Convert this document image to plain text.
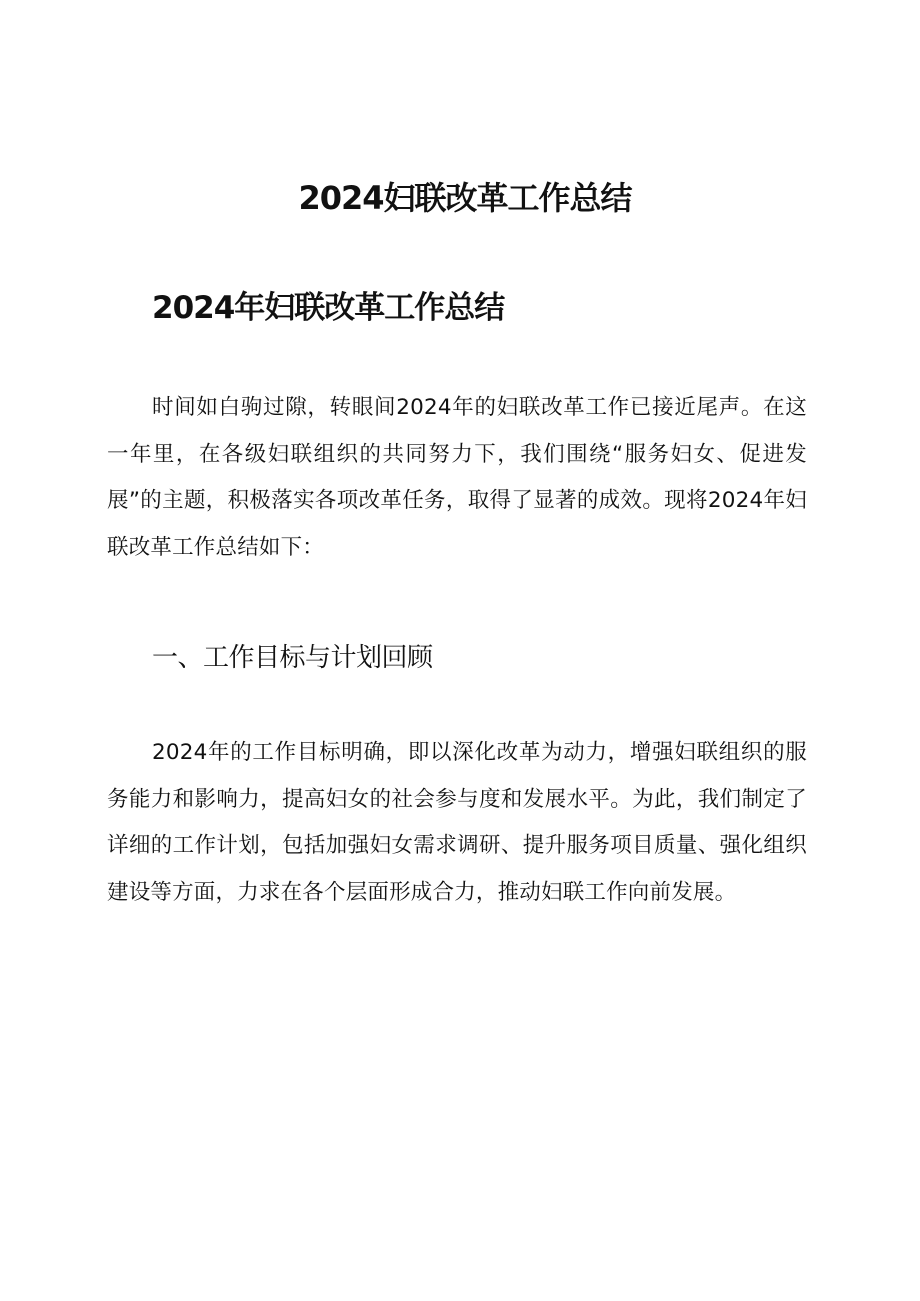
2024妇联改革工作总结
2024年妇联改革工作总结

时间如白驹过隙，转眼间2024年的妇联改革工作已接近尾声。在这一年里，在各级妇联组织的共同努力下，我们围绕“服务妇女、促进发展”的主题，积极落实各项改革任务，取得了显著的成效。现将2024年妇联改革工作总结如下：

一、工作目标与计划回顾

2024年的工作目标明确，即以深化改革为动力，增强妇联组织的服务能力和影响力，提高妇女的社会参与度和发展水平。为此，我们制定了详细的工作计划，包括加强妇女需求调研、提升服务项目质量、强化组织建设等方面，力求在各个层面形成合力，推动妇联工作向前发展。
